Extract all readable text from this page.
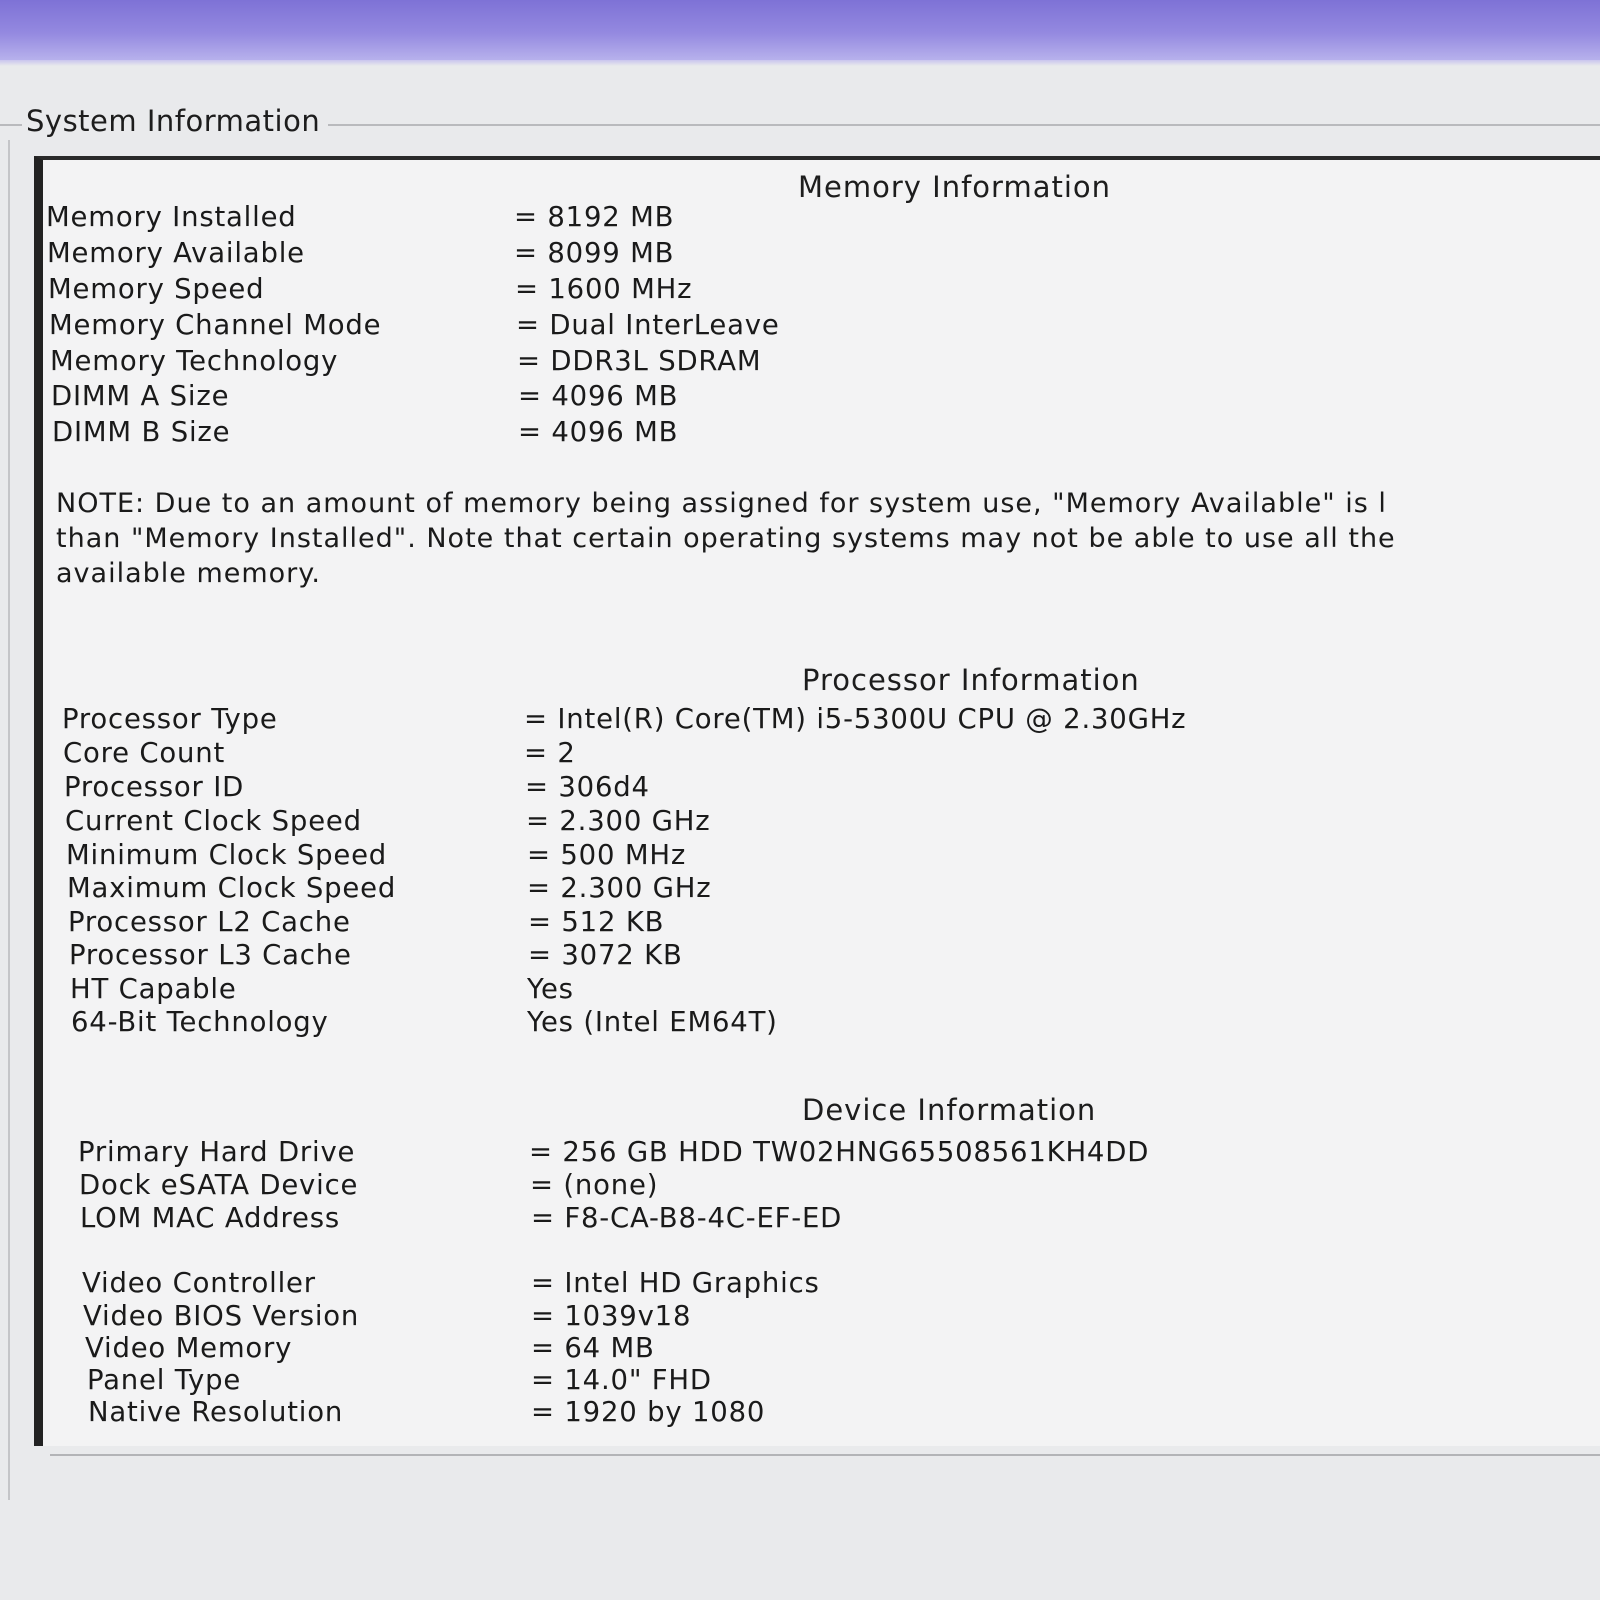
System Information
Memory Information
Memory Installed	= 8192 MB
Memory Available	= 8099 MB
Memory Speed	= 1600 MHz
Memory Channel Mode	= Dual InterLeave
Memory Technology	= DDR3L SDRAM
DIMM A Size	= 4096 MB
DIMM B Size	= 4096 MB
NOTE: Due to an amount of memory being assigned for system use, "Memory Available" is l
than "Memory Installed". Note that certain operating systems may not be able to use all the
available memory.
Processor Information
Processor Type	= Intel(R) Core(TM) i5-5300U CPU @ 2.30GHz
Core Count	= 2
Processor ID	= 306d4
Current Clock Speed	= 2.300 GHz
Minimum Clock Speed	= 500 MHz
Maximum Clock Speed	= 2.300 GHz
Processor L2 Cache	= 512 KB
Processor L3 Cache	= 3072 KB
HT Capable	Yes
64-Bit Technology	Yes (Intel EM64T)
Device Information
Primary Hard Drive	= 256 GB HDD TW02HNG65508561KH4DD
Dock eSATA Device	= (none)
LOM MAC Address	= F8-CA-B8-4C-EF-ED
Video Controller	= Intel HD Graphics
Video BIOS Version	= 1039v18
Video Memory	= 64 MB
Panel Type	= 14.0" FHD
Native Resolution	= 1920 by 1080
